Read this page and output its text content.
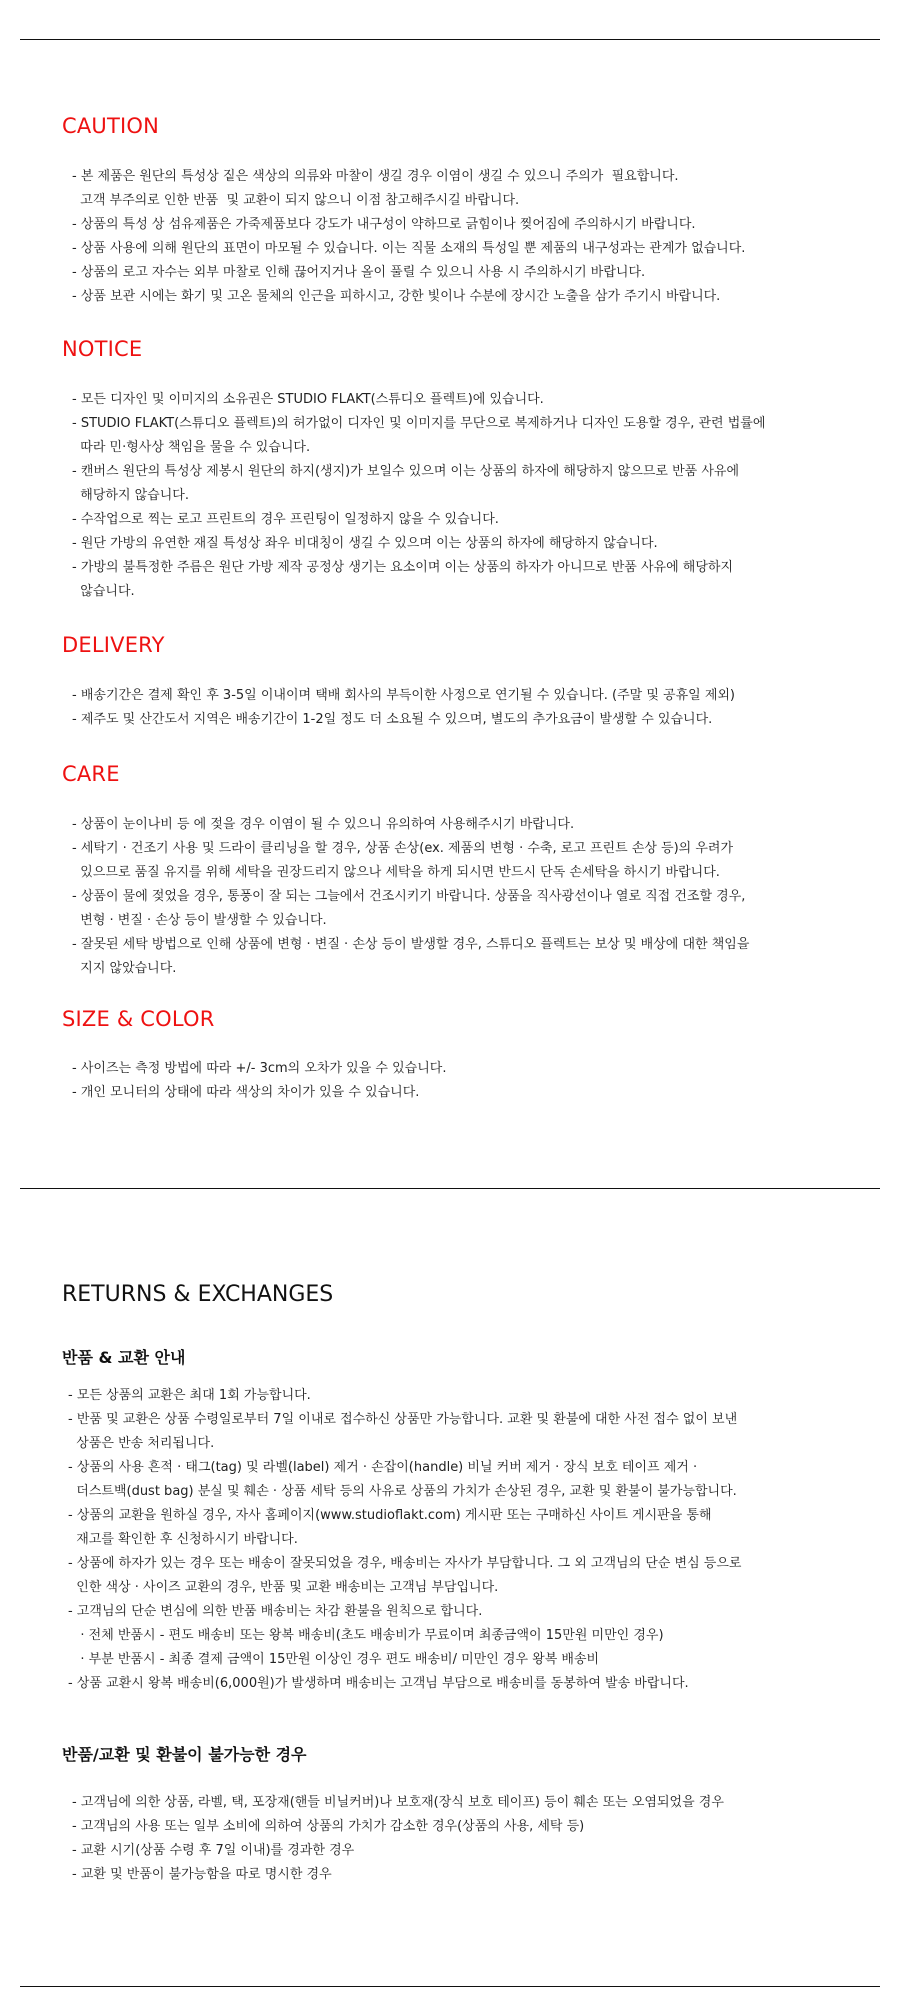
CAUTION
- 본 제품은 원단의 특성상 짙은 색상의 의류와 마찰이 생길 경우 이염이 생길 수 있으니 주의가  필요합니다.
고객 부주의로 인한 반품  및 교환이 되지 않으니 이점 참고해주시길 바랍니다.
- 상품의 특성 상 섬유제품은 가죽제품보다 강도가 내구성이 약하므로 긁힘이나 찢어짐에 주의하시기 바랍니다.
- 상품 사용에 의해 원단의 표면이 마모될 수 있습니다. 이는 직물 소재의 특성일 뿐 제품의 내구성과는 관계가 없습니다.
- 상품의 로고 자수는 외부 마찰로 인해 끊어지거나 올이 풀릴 수 있으니 사용 시 주의하시기 바랍니다.
- 상품 보관 시에는 화기 및 고온 물체의 인근을 피하시고, 강한 빛이나 수분에 장시간 노출을 삼가 주기시 바랍니다.
NOTICE
- 모든 디자인 및 이미지의 소유권은 STUDIO FLAKT(스튜디오 플렉트)에 있습니다.
- STUDIO FLAKT(스튜디오 플렉트)의 허가없이 디자인 및 이미지를 무단으로 복제하거나 디자인 도용할 경우, 관련 법률에
따라 민·형사상 책임을 물을 수 있습니다.
- 캔버스 원단의 특성상 제봉시 원단의 하지(생지)가 보일수 있으며 이는 상품의 하자에 해당하지 않으므로 반품 사유에
해당하지 않습니다.
- 수작업으로 찍는 로고 프린트의 경우 프린팅이 일정하지 않을 수 있습니다.
- 원단 가방의 유연한 재질 특성상 좌우 비대칭이 생길 수 있으며 이는 상품의 하자에 해당하지 않습니다.
- 가방의 불특정한 주름은 원단 가방 제작 공정상 생기는 요소이며 이는 상품의 하자가 아니므로 반품 사유에 해당하지
않습니다.
DELIVERY
- 배송기간은 결제 확인 후 3-5일 이내이며 택배 회사의 부득이한 사정으로 연기될 수 있습니다. (주말 및 공휴일 제외)
- 제주도 및 산간도서 지역은 배송기간이 1-2일 정도 더 소요될 수 있으며, 별도의 추가요금이 발생할 수 있습니다.
CARE
- 상품이 눈이나비 등 에 젖을 경우 이염이 될 수 있으니 유의하여 사용해주시기 바랍니다.
- 세탁기 · 건조기 사용 및 드라이 클리닝을 할 경우, 상품 손상(ex. 제품의 변형 · 수축, 로고 프린트 손상 등)의 우려가
있으므로 품질 유지를 위해 세탁을 권장드리지 않으나 세탁을 하게 되시면 반드시 단독 손세탁을 하시기 바랍니다.
- 상품이 물에 젖었을 경우, 통풍이 잘 되는 그늘에서 건조시키기 바랍니다. 상품을 직사광선이나 열로 직접 건조할 경우,
변형 · 변질 · 손상 등이 발생할 수 있습니다.
- 잘못된 세탁 방법으로 인해 상품에 변형 · 변질 · 손상 등이 발생할 경우, 스튜디오 플렉트는 보상 및 배상에 대한 책임을
지지 않았습니다.
SIZE & COLOR
- 사이즈는 측정 방법에 따라 +/- 3cm의 오차가 있을 수 있습니다.
- 개인 모니터의 상태에 따라 색상의 차이가 있을 수 있습니다.
RETURNS & EXCHANGES
반품 & 교환 안내
- 모든 상품의 교환은 최대 1회 가능합니다.
- 반품 및 교환은 상품 수령일로부터 7일 이내로 접수하신 상품만 가능합니다. 교환 및 환불에 대한 사전 접수 없이 보낸
상품은 반송 처리됩니다.
- 상품의 사용 흔적 · 태그(tag) 및 라벨(label) 제거 · 손잡이(handle) 비닐 커버 제거 · 장식 보호 테이프 제거 ·
더스트백(dust bag) 분실 및 훼손 · 상품 세탁 등의 사유로 상품의 가치가 손상된 경우, 교환 및 환불이 불가능합니다.
- 상품의 교환을 원하실 경우, 자사 홈페이지(www.studioflakt.com) 게시판 또는 구매하신 사이트 게시판을 통해
재고를 확인한 후 신청하시기 바랍니다.
- 상품에 하자가 있는 경우 또는 배송이 잘못되었을 경우, 배송비는 자사가 부담합니다. 그 외 고객님의 단순 변심 등으로
인한 색상 · 사이즈 교환의 경우, 반품 및 교환 배송비는 고객님 부담입니다.
- 고객님의 단순 변심에 의한 반품 배송비는 차감 환불을 원칙으로 합니다.
· 전체 반품시 - 편도 배송비 또는 왕복 배송비(초도 배송비가 무료이며 최종금액이 15만원 미만인 경우)
· 부분 반품시 - 최종 결제 금액이 15만원 이상인 경우 편도 배송비/ 미만인 경우 왕복 배송비
- 상품 교환시 왕복 배송비(6,000원)가 발생하며 배송비는 고객님 부담으로 배송비를 동봉하여 발송 바랍니다.
반품/교환 및 환불이 불가능한 경우
- 고객님에 의한 상품, 라벨, 택, 포장재(핸들 비닐커버)나 보호재(장식 보호 테이프) 등이 훼손 또는 오염되었을 경우
- 고객님의 사용 또는 일부 소비에 의하여 상품의 가치가 감소한 경우(상품의 사용, 세탁 등)
- 교환 시기(상품 수령 후 7일 이내)를 경과한 경우
- 교환 및 반품이 불가능함을 따로 명시한 경우
